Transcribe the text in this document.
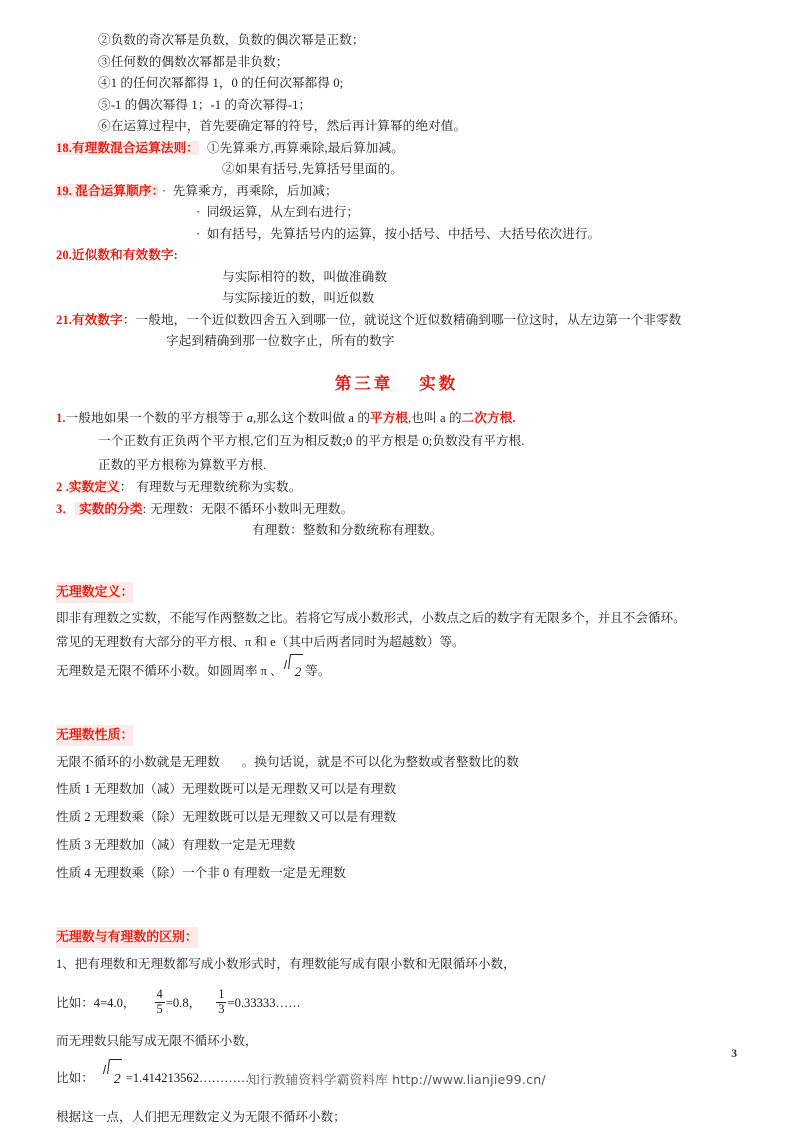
②负数的奇次幂是负数，负数的偶次幂是正数；
③任何数的偶数次幂都是非负数；
④1 的任何次幂都得 1，0 的任何次幂都得 0;
⑤-1 的偶次幂得 1；-1 的奇次幂得-1；
⑥在运算过程中，首先要确定幂的符号，然后再计算幂的绝对值。
18.有理数混合运算法则： ①先算乘方,再算乘除,最后算加减。
②如果有括号,先算括号里面的。
19. 混合运算顺序： ·  先算乘方，再乘除，后加减；
·  同级运算，从左到右进行；
·  如有括号，先算括号内的运算，按小括号、中括号、大括号依次进行。
20.近似数和有效数字:
与实际相符的数，叫做准确数
与实际接近的数，叫近似数
21.有效数字：一般地，一个近似数四舍五入到哪一位，就说这个近似数精确到哪一位这时，从左边第一个非零数
字起到精确到那一位数字止，所有的数字
第三章 实数
1.一般地如果一个数的平方根等于 a,那么这个数叫做 a 的平方根,也叫 a 的二次方根.
一个正数有正负两个平方根,它们互为相反数;0 的平方根是 0;负数没有平方根.
正数的平方根称为算数平方根.
2 .实数定义： 有理数与无理数统称为实数。
3． 实数的分类: 无理数：无限不循环小数叫无理数。
有理数：整数和分数统称有理数。
无理数定义：
即非有理数之实数，不能写作两整数之比。若将它写成小数形式，小数点之后的数字有无限多个，并且不会循环。
常见的无理数有大部分的平方根、π 和 e（其中后两者同时为超越数）等。
无理数是无限不循环小数。如圆周率 π 、 2 等。
无理数性质：
无限不循环的小数就是无理数 。换句话说，就是不可以化为整数或者整数比的数
性质 1 无理数加（减）无理数既可以是无理数又可以是有理数
性质 2 无理数乘（除）无理数既可以是无理数又可以是有理数
性质 3 无理数加（减）有理数一定是无理数
性质 4 无理数乘（除）一个非 0 有理数一定是无理数
无理数与有理数的区别：
1、把有理数和无理数都写成小数形式时，有理数能写成有限小数和无限循环小数，
比如：4=4.0， $\frac{4}{5} =0.8$， $\frac{1}{3}$ =0.33333……
而无理数只能写成无限不循环小数，
比如： 2 =1.414213562…………
根据这一点，人们把无理数定义为无限不循环小数；
3
知行教辅资料学霸资料库 http://www.lianjie99.cn/
